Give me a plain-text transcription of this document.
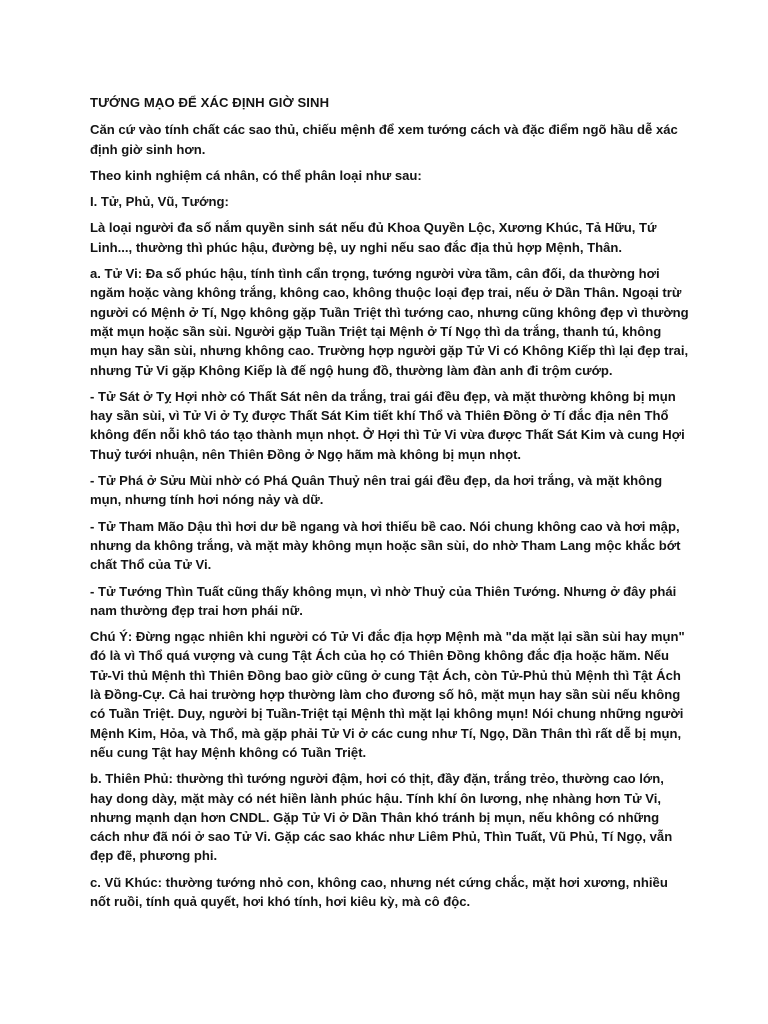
TƯỚNG MẠO ĐỂ XÁC ĐỊNH GIỜ SINH
Căn cứ vào tính chất các sao thủ, chiếu mệnh để xem tướng cách và đặc điểm ngõ hầu dễ xác định giờ sinh hơn.
Theo kinh nghiệm cá nhân, có thể phân loại như sau:
I. Tử, Phủ, Vũ, Tướng:
Là loại người đa số nắm quyền sinh sát nếu đủ Khoa Quyền Lộc, Xương Khúc, Tả Hữu, Tứ Linh..., thường thì phúc hậu, đường bệ, uy nghi nếu sao đắc địa thủ hợp Mệnh, Thân.
a. Tử Vi: Đa số phúc hậu, tính tình cẩn trọng, tướng người vừa tầm, cân đối, da thường hơi ngăm hoặc vàng không trắng, không cao, không thuộc loại đẹp trai, nếu ở Dần Thân. Ngoại trừ người có Mệnh ở Tí, Ngọ không gặp Tuần Triệt thì tướng cao, nhưng cũng không đẹp vì thường mặt mụn hoặc sần sùi. Người gặp Tuần Triệt tại Mệnh ở Tí Ngọ thì da trắng, thanh tú, không mụn hay sần sùi, nhưng không cao. Trường hợp người gặp Tử Vi có Không Kiếp thì lại đẹp trai, nhưng Tử Vi gặp Không Kiếp là đế ngộ hung đồ, thường làm đàn anh đi trộm cướp.
- Tử Sát ở Tỵ Hợi nhờ có Thất Sát nên da trắng, trai gái đều đẹp, và mặt thường không bị mụn hay sần sùi, vì Tử Vi ở Tỵ được Thất Sát Kim tiết khí Thổ và Thiên Đồng ở Tí đắc địa nên Thổ không đến nỗi khô táo tạo thành mụn nhọt. Ở Hợi thì Tử Vi vừa được Thất Sát Kim và cung Hợi Thuỷ tưới nhuận, nên Thiên Đồng ở Ngọ hãm mà không bị mụn nhọt.
- Tử Phá ở Sửu Mùi nhờ có Phá Quân Thuỷ nên trai gái đều đẹp, da hơi trắng, và mặt không mụn, nhưng tính hơi nóng nảy và dữ.
- Tử Tham Mão Dậu thì hơi dư bề ngang và hơi thiếu bề cao. Nói chung không cao và hơi mập, nhưng da không trắng, và mặt mày không mụn hoặc sần sùi, do nhờ Tham Lang mộc khắc bớt chất Thổ của Tử Vi.
- Tử Tướng Thìn Tuất cũng thấy không mụn, vì nhờ Thuỷ của Thiên Tướng. Nhưng ở đây phái nam thường đẹp trai hơn phái nữ.
Chú Ý: Đừng ngạc nhiên khi người có Tử Vi đắc địa hợp Mệnh mà "da mặt lại sần sùi hay mụn" đó là vì Thổ quá vượng và cung Tật Ách của họ có Thiên Đồng không đắc địa hoặc hãm. Nếu Tử-Vi thủ Mệnh thì Thiên Đồng bao giờ cũng ở cung Tật Ách, còn Tử-Phủ thủ Mệnh thì Tật Ách là Đồng-Cự. Cả hai trường hợp thường làm cho đương số hô, mặt mụn hay sần sùi nếu không có Tuần Triệt. Duy, người bị Tuần-Triệt tại Mệnh thì mặt lại không mụn! Nói chung những người Mệnh Kim, Hỏa, và Thổ, mà gặp phải Tử Vi ở các cung như Tí, Ngọ, Dần Thân thì rất dễ bị mụn, nếu cung Tật hay Mệnh không có Tuần Triệt.
b. Thiên Phủ: thường thì tướng người đậm, hơi có thịt, đầy đặn, trắng trẻo, thường cao lớn, hay dong dày, mặt mày có nét hiền lành phúc hậu. Tính khí ôn lương, nhẹ nhàng hơn Tử Vi, nhưng mạnh dạn hơn CNDL. Gặp Tử Vi ở Dần Thân khó tránh bị mụn, nếu không có những cách như đã nói ở sao Tử Vi. Gặp các sao khác như Liêm Phủ, Thìn Tuất, Vũ Phủ, Tí Ngọ, vẫn đẹp đẽ, phương phi.
c. Vũ Khúc: thường tướng nhỏ con, không cao, nhưng nét cứng chắc, mặt hơi xương, nhiều nốt ruồi, tính quả quyết, hơi khó tính, hơi kiêu kỳ, mà cô độc.
